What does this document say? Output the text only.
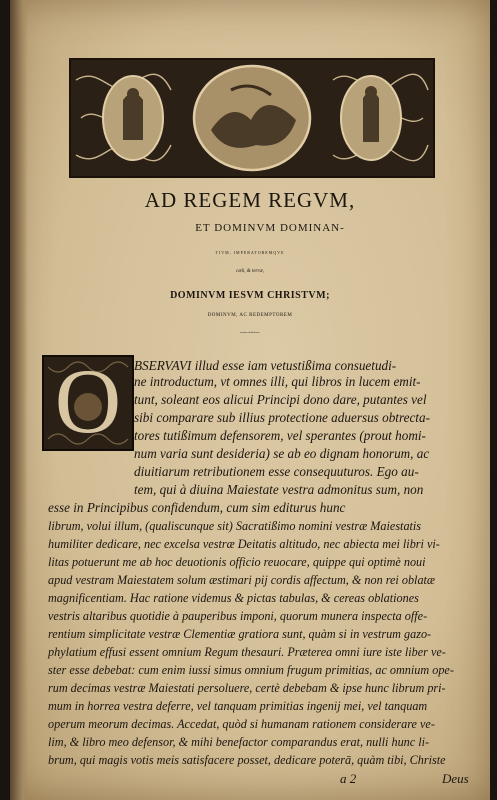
AD REGEM REGVM,
ET DOMINVM DOMINAN-
TIVM, IMPERATOREMQVE
cœli, & terræ,
DOMINVM IESVM CHRISTVM;
DOMINVM, AC REDEMPTOREM
nostrum colendissimum.
O BSERVAVI illud esse iam vetustißima consuetudi-
ne introductum, vt omnes illi, qui libros in lucem emit-
tunt, soleant eos alicui Principi dono dare, putantes vel
sibi comparare sub illius protectione aduersus obtrecta-
tores tutißimum defensorem, vel sperantes (prout homi-
num varia sunt desideria) se ab eo dignam honorum, ac
diuitiarum retributionem esse consequuturos. Ego au-
tem, qui à diuina Maiestate vestra admonitus sum, non
esse in Principibus confidendum, cum sim editurus hunc
librum, volui illum, (qualiscunque sit) Sacratißimo nomini vestræ Maiestatis
humiliter dedicare, nec excelsa vestræ Deitatis altitudo, nec abiecta mei libri vi-
litas potuerunt me ab hoc deuotionis officio reuocare, quippe qui optimè noui
apud vestram Maiestatem solum æstimari pij cordis affectum, & non rei oblatæ
magnificentiam. Hac ratione videmus & pictas tabulas, & cereas oblationes
vestris altaribus quotidie à pauperibus imponi, quorum munera inspecta offe-
rentium simplicitate vestræ Clementiæ gratiora sunt, quàm si in vestrum gazo-
phylatium effusi essent omnium Regum thesauri. Præterea omni iure iste liber ve-
ster esse debebat: cum enim iussi simus omnium frugum primitias, ac omnium ope-
rum decimas vestræ Maiestati persoluere, certè debebam & ipse hunc librum pri-
mum in horrea vestra deferre, vel tanquam primitias ingenij mei, vel tanquam
operum meorum decimas. Accedat, quòd si humanam rationem considerare ve-
lim, & libro meo defensor, & mihi benefactor comparandus erat, nulli hunc li-
brum, qui magis votis meis satisfacere posset, dedicare poterā, quàm tibi, Christe
a 2	Deus
